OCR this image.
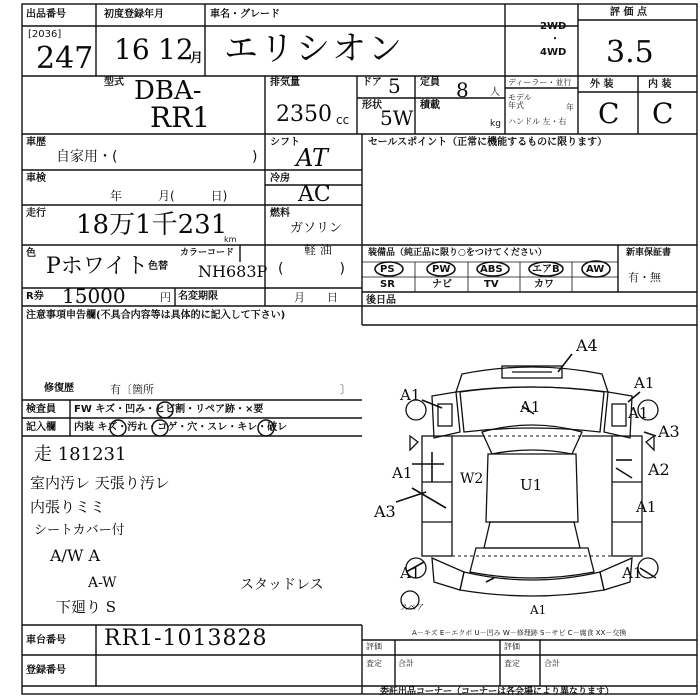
出品番号
[2036]
247
初度登録年月
16 12
月
車名・グレード
エリシオン
2WD
・
4WD
評 価 点
3.5
型式 DBA-
RR1
排気量
2350 cc
ドア 5 定員 8 人
形状
5W
積載
kg
ディーラー・並行
モデル年式	年
ハンドル 左・右
外 装	内 装
C C
車歴
自家用・(	)
車検
年　　　月(　　　日)
シフト
AT
冷房
AC
走行 18万1千231
km
燃料
ガソリン
軽 油
(　　　　)
色
Pホワイト 色替
カラーコード
NH683P
R券 15000	円 名変期限	月　　日
セールスポイント（正常に機能するものに限ります）
装備品（純正品に限り○をつけてください）	新車保証書
有・無
PS	PW	ABS	エアB	AW
SR	ナビ	TV	カワ
後日品
注意事項申告欄(不具合内容等は具体的に記入して下さい)
修復歴	有〔箇所	〕
検査員 FW キズ・凹み・ヒビ割・リペア跡・×要
記入欄 内装 キズ・汚れ・コゲ・穴・スレ・キレ・破レ
走 181231
室内汚レ 天張り汚レ
内張りミミ
シートカバー付
A/W A
A-W	スタッドレス
下廻り S
A4
A1
A1
A1
A1
A3
A1	A2
W2 U1
A3	A1
A1	A1
A1
スペア
車台番号 RR1-1013828
登録番号
A－キズ E－エクボ U－凹み W－修理跡 S－サビ C－腐食 XX－交換
評価
査定 合計
評価
査定	合計
委託出品コーナー（コーナーは各会場により異なります）
